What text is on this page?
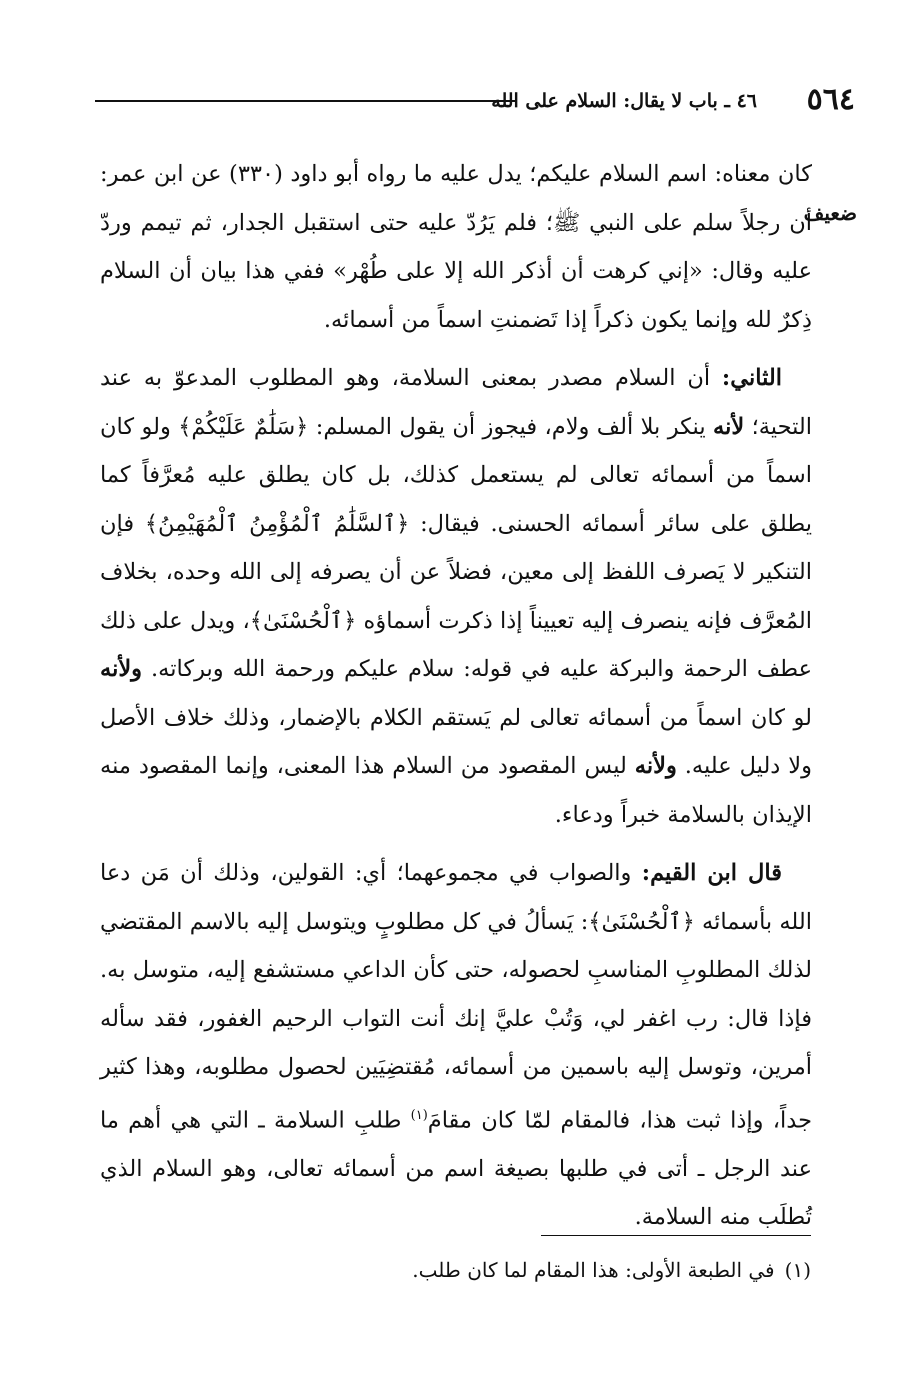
٥٦٤
٤٦ ـ باب لا يقال: السلام على الله
ضعيف

كان معناه: اسم السلام عليكم؛ يدل عليه ما رواه أبو داود (٣٣٠) عن ابن عمر: أن رجلاً سلم على النبي ﷺ؛ فلم يَرُدّ عليه حتى استقبل الجدار، ثم تيمم وردّ عليه وقال: «إني كرهت أن أذكر الله إلا على طُهْر» ففي هذا بيان أن السلام ذِكرٌ لله وإنما يكون ذكراً إذا تَضمنتِ اسماً من أسمائه.

الثاني: أن السلام مصدر بمعنى السلامة، وهو المطلوب المدعوّ به عند التحية؛ لأنه ينكر بلا ألف ولام، فيجوز أن يقول المسلم: ﴿سَلَٰمٌ عَلَيْكُمْ﴾ ولو كان اسماً من أسمائه تعالى لم يستعمل كذلك، بل كان يطلق عليه مُعرَّفاً كما يطلق على سائر أسمائه الحسنى. فيقال: ﴿ٱلسَّلَٰمُ ٱلْمُؤْمِنُ ٱلْمُهَيْمِنُ﴾ فإن التنكير لا يَصرف اللفظ إلى معين، فضلاً عن أن يصرفه إلى الله وحده، بخلاف المُعرَّف فإنه ينصرف إليه تعييناً إذا ذكرت أسماؤه ﴿ٱلْحُسْنَىٰ﴾، ويدل على ذلك عطف الرحمة والبركة عليه في قوله: سلام عليكم ورحمة الله وبركاته. ولأنه لو كان اسماً من أسمائه تعالى لم يَستقم الكلام بالإضمار، وذلك خلاف الأصل ولا دليل عليه. ولأنه ليس المقصود من السلام هذا المعنى، وإنما المقصود منه الإيذان بالسلامة خبراً ودعاء.

قال ابن القيم: والصواب في مجموعهما؛ أي: القولين، وذلك أن مَن دعا الله بأسمائه ﴿ٱلْحُسْنَىٰ﴾: يَسألُ في كل مطلوبٍ ويتوسل إليه بالاسم المقتضي لذلك المطلوبِ المناسبِ لحصوله، حتى كأن الداعي مستشفع إليه، متوسل به. فإذا قال: رب اغفر لي، وَتُبْ عليَّ إنك أنت التواب الرحيم الغفور، فقد سأله أمرين، وتوسل إليه باسمين من أسمائه، مُقتضِيَين لحصول مطلوبه، وهذا كثير جداً، وإذا ثبت هذا، فالمقام لمّا كان مقامَ$^{(١)}$ طلبِ السلامة ـ التي هي أهم ما عند الرجل ـ أتى في طلبها بصيغة اسم من أسمائه تعالى، وهو السلام الذي تُطلَب منه السلامة.

(١)في الطبعة الأولى: هذا المقام لما كان طلب.
